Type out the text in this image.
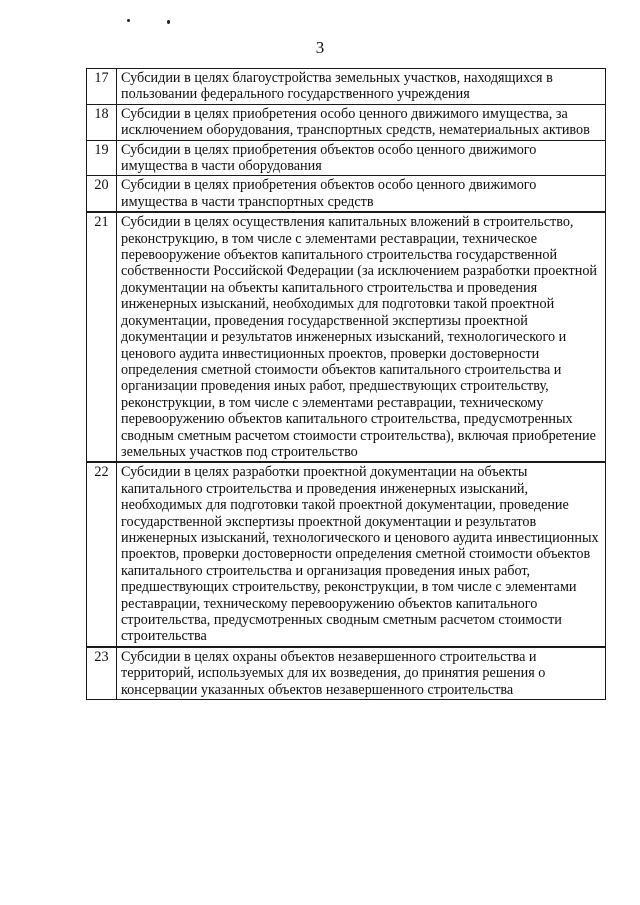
3
17	Субсидии в целях благоустройства земельных участков, находящихся в пользовании федерального государственного учреждения

18	Субсидии в целях приобретения особо ценного движимого имущества, за исключением оборудования, транспортных средств, нематериальных активов

19	Субсидии в целях приобретения объектов особо ценного движимого имущества в части оборудования

20	Субсидии в целях приобретения объектов особо ценного движимого имущества в части транспортных средств

21	Субсидии в целях осуществления капитальных вложений в строительство, реконструкцию, в том числе с элементами реставрации, техническое перевооружение объектов капитального строительства государственной собственности Российской Федерации (за исключением разработки проектной документации на объекты капитального строительства и проведения инженерных изысканий, необходимых для подготовки такой проектной документации, проведения государственной экспертизы проектной документации и результатов инженерных изысканий, технологического и ценового аудита инвестиционных проектов, проверки достоверности определения сметной стоимости объектов капитального строительства и организации проведения иных работ, предшествующих строительству, реконструкции, в том числе с элементами реставрации, техническому перевооружению объектов капитального строительства, предусмотренных сводным сметным расчетом стоимости строительства), включая приобретение земельных участков под строительство

22	Субсидии в целях разработки проектной документации на объекты капитального строительства и проведения инженерных изысканий, необходимых для подготовки такой проектной документации, проведение государственной экспертизы проектной документации и результатов инженерных изысканий, технологического и ценового аудита инвестиционных проектов, проверки достоверности определения сметной стоимости объектов капитального строительства и организация проведения иных работ, предшествующих строительству, реконструкции, в том числе с элементами реставрации, техническому перевооружению объектов капитального строительства, предусмотренных сводным сметным расчетом стоимости строительства

23	Субсидии в целях охраны объектов незавершенного строительства и территорий, используемых для их возведения, до принятия решения о консервации указанных объектов незавершенного строительства
